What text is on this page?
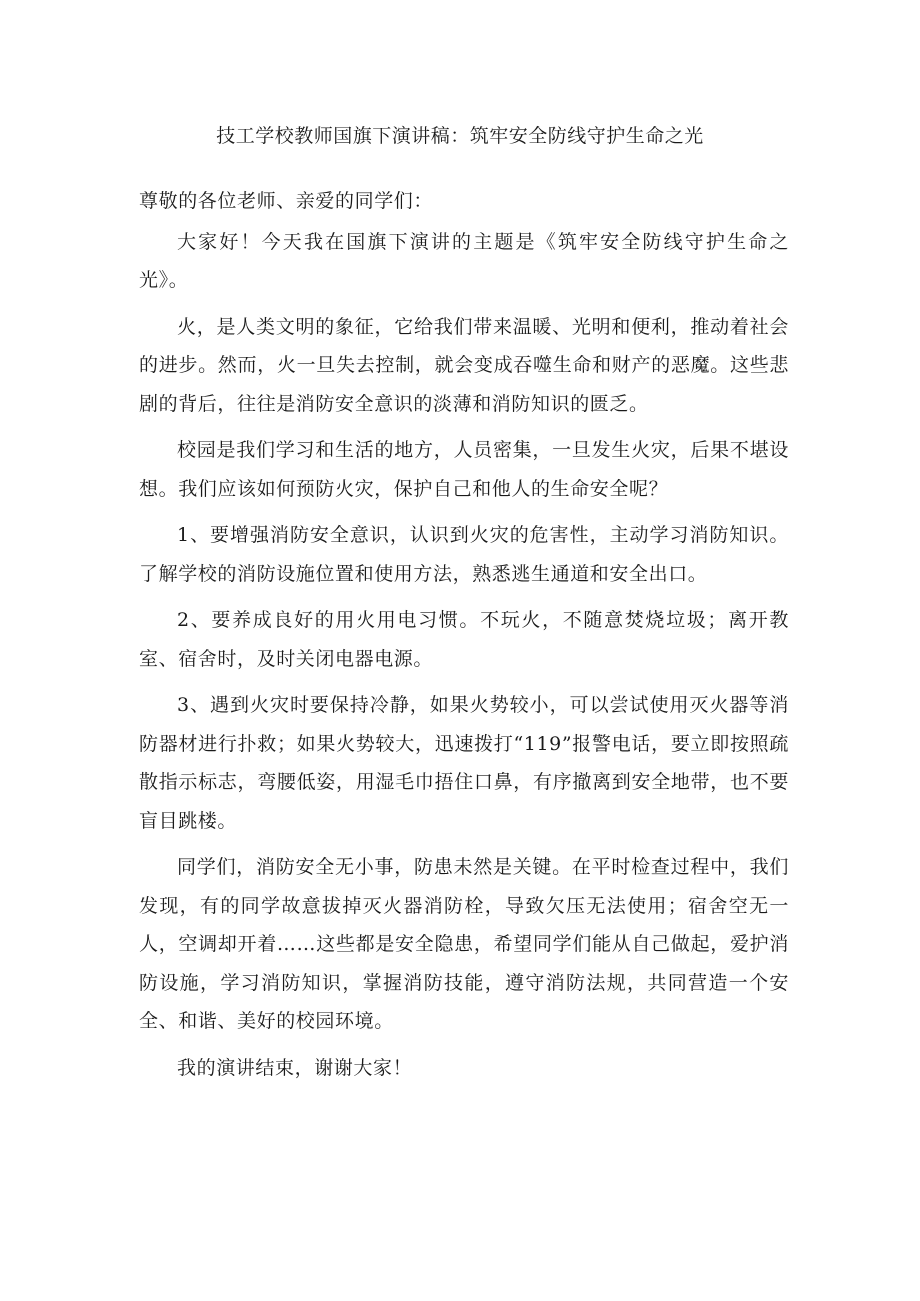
技工学校教师国旗下演讲稿：筑牢安全防线守护生命之光

尊敬的各位老师、亲爱的同学们：

大家好！今天我在国旗下演讲的主题是《筑牢安全防线守护生命之光》。

火，是人类文明的象征，它给我们带来温暖、光明和便利，推动着社会的进步。然而，火一旦失去控制，就会变成吞噬生命和财产的恶魔。这些悲剧的背后，往往是消防安全意识的淡薄和消防知识的匮乏。

校园是我们学习和生活的地方，人员密集，一旦发生火灾，后果不堪设想。我们应该如何预防火灾，保护自己和他人的生命安全呢？

1、要增强消防安全意识，认识到火灾的危害性，主动学习消防知识。了解学校的消防设施位置和使用方法，熟悉逃生通道和安全出口。

2、要养成良好的用火用电习惯。不玩火，不随意焚烧垃圾；离开教室、宿舍时，及时关闭电器电源。

3、遇到火灾时要保持冷静，如果火势较小，可以尝试使用灭火器等消防器材进行扑救；如果火势较大，迅速拨打“119”报警电话，要立即按照疏散指示标志，弯腰低姿，用湿毛巾捂住口鼻，有序撤离到安全地带，也不要盲目跳楼。

同学们，消防安全无小事，防患未然是关键。在平时检查过程中，我们发现，有的同学故意拔掉灭火器消防栓，导致欠压无法使用；宿舍空无一人，空调却开着……这些都是安全隐患，希望同学们能从自己做起，爱护消防设施，学习消防知识，掌握消防技能，遵守消防法规，共同营造一个安全、和谐、美好的校园环境。

我的演讲结束，谢谢大家！
